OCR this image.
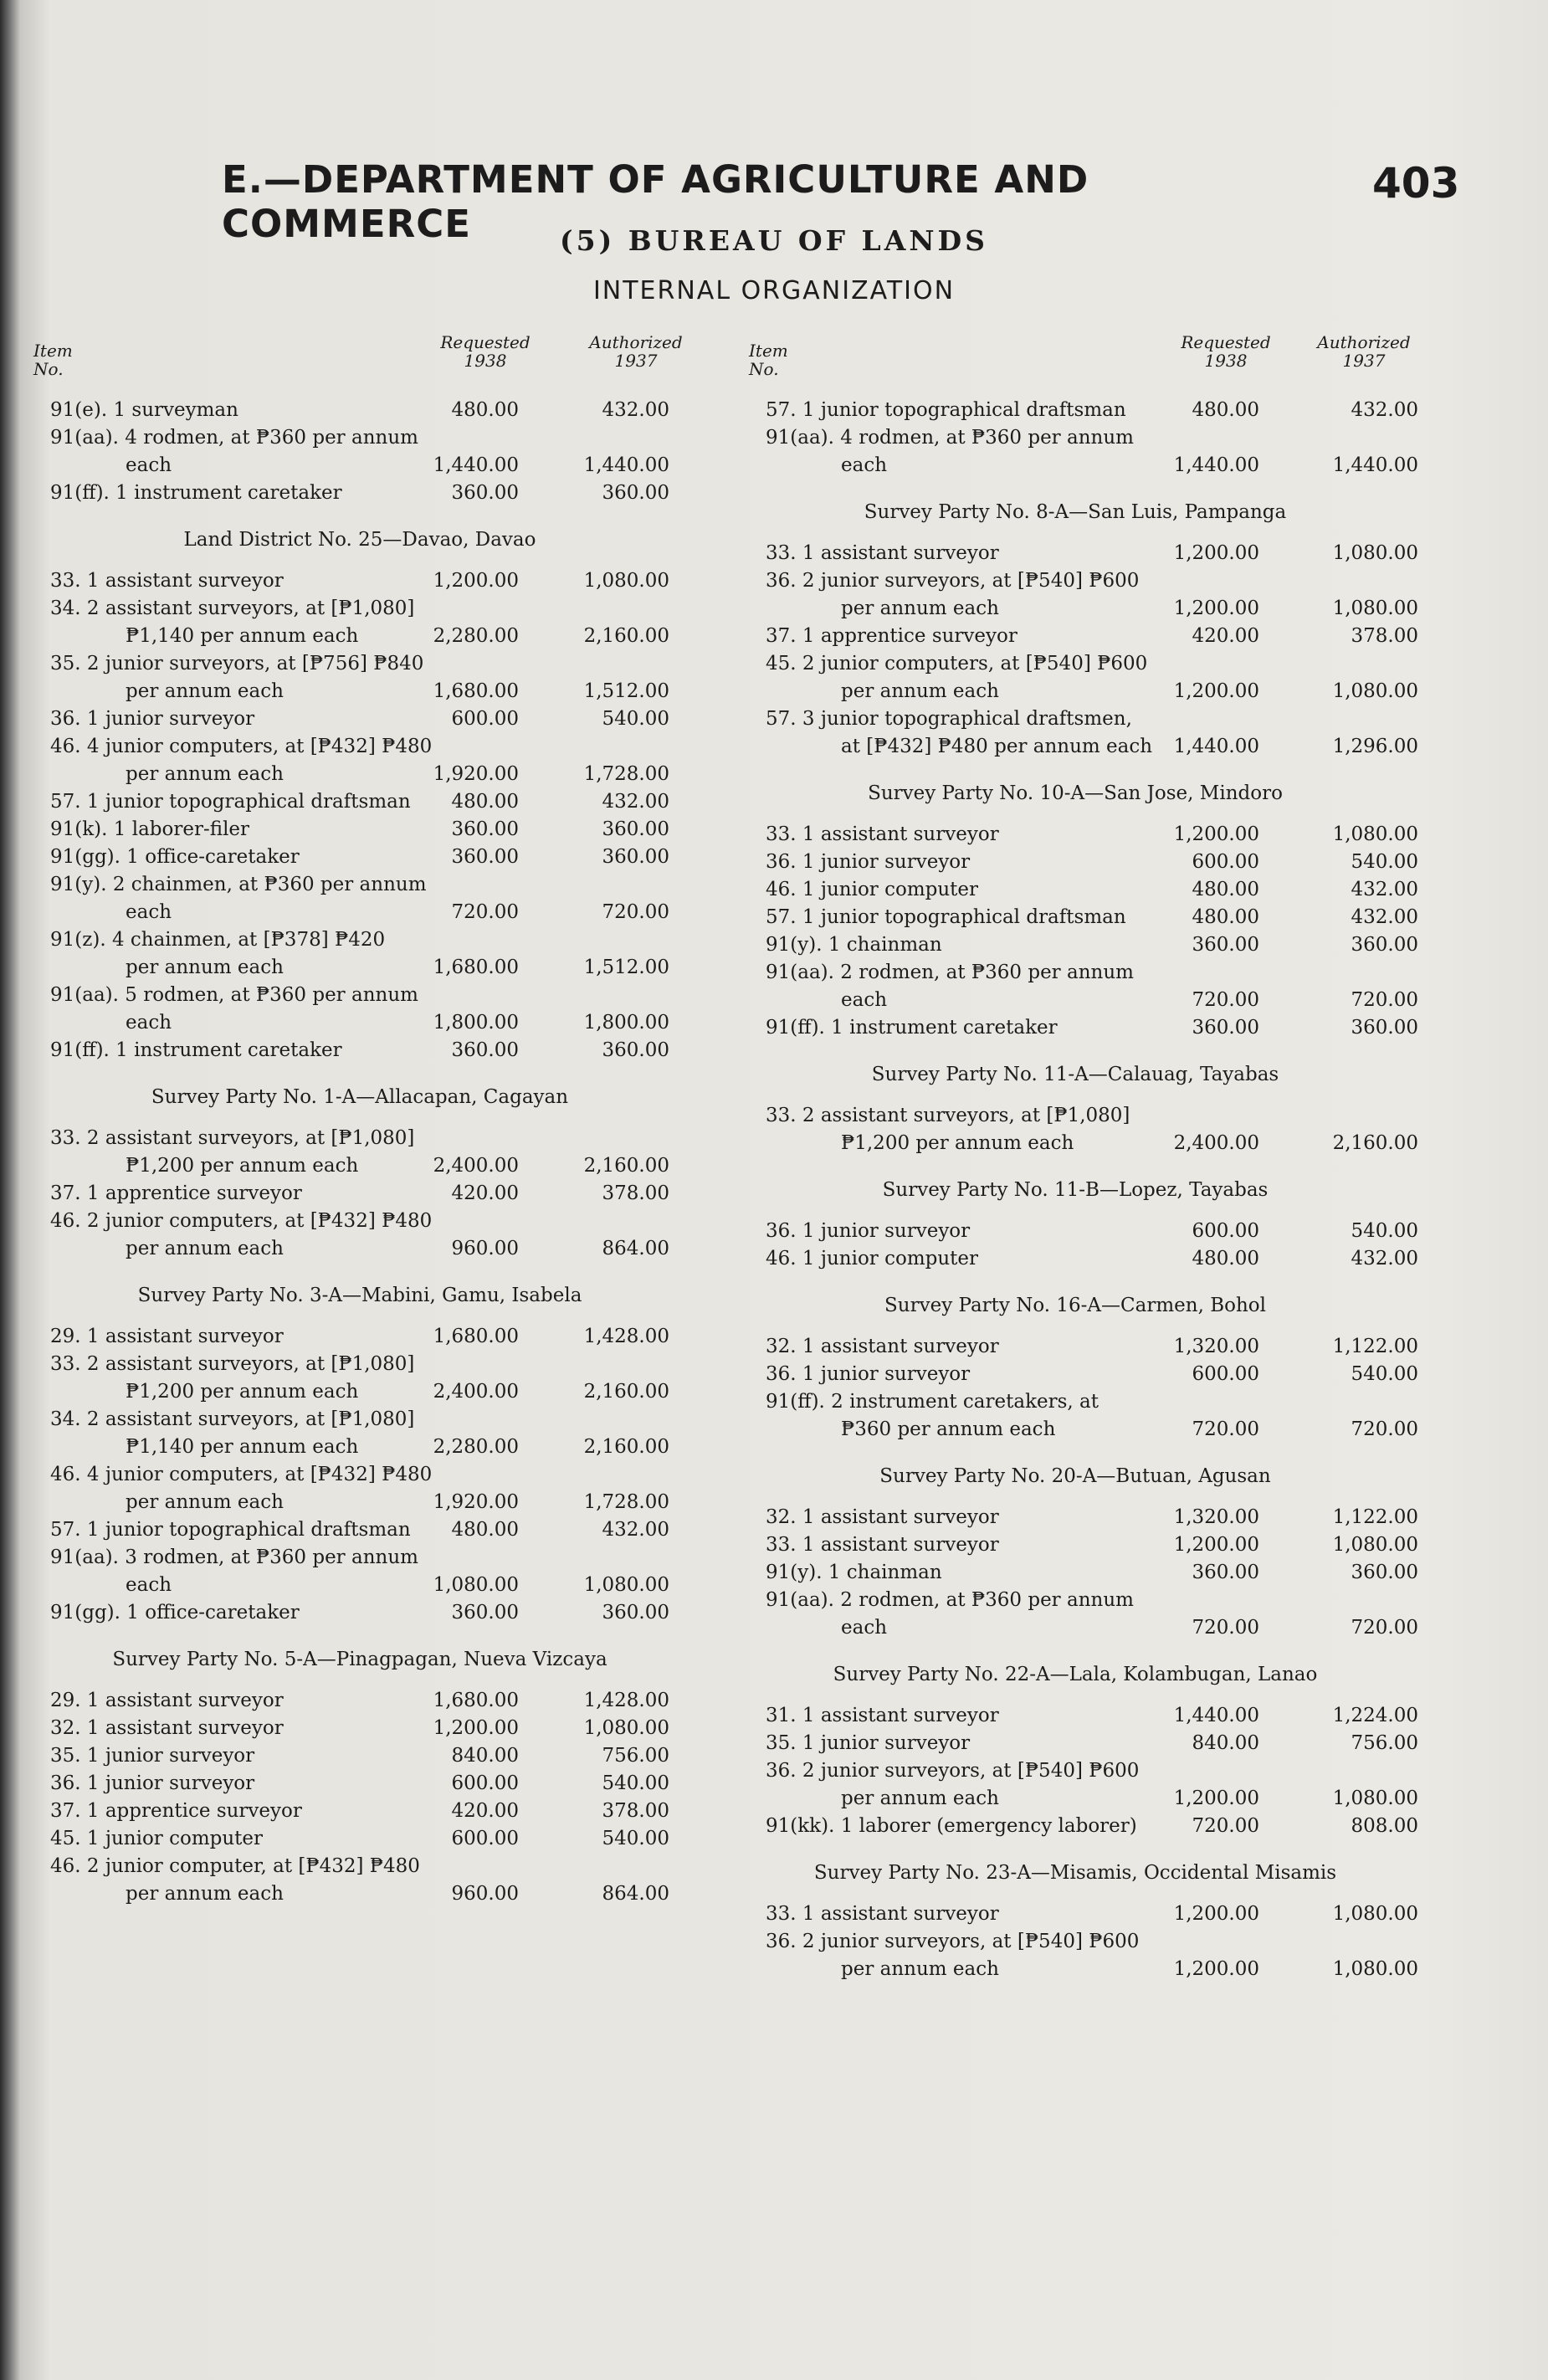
E.—DEPARTMENT OF AGRICULTURE AND COMMERCE
403
(5) BUREAU OF LANDS
INTERNAL ORGANIZATION
Item
No.
Requested
1938
Authorized
1937
91(e). 1 surveyman	480.00	432.00
91(aa). 4 rodmen, at ₱360 per annum
each	1,440.00	1,440.00
91(ff). 1 instrument caretaker	360.00	360.00
Land District No. 25—Davao, Davao
33. 1 assistant surveyor	1,200.00	1,080.00
34. 2 assistant surveyors, at [₱1,080]
₱1,140 per annum each	2,280.00	2,160.00
35. 2 junior surveyors, at [₱756] ₱840
per annum each	1,680.00	1,512.00
36. 1 junior surveyor	600.00	540.00
46. 4 junior computers, at [₱432] ₱480
per annum each	1,920.00	1,728.00
57. 1 junior topographical draftsman	480.00	432.00
91(k). 1 laborer-filer	360.00	360.00
91(gg). 1 office-caretaker	360.00	360.00
91(y). 2 chainmen, at ₱360 per annum
each	720.00	720.00
91(z). 4 chainmen, at [₱378] ₱420
per annum each	1,680.00	1,512.00
91(aa). 5 rodmen, at ₱360 per annum
each	1,800.00	1,800.00
91(ff). 1 instrument caretaker	360.00	360.00
Survey Party No. 1-A—Allacapan, Cagayan
33. 2 assistant surveyors, at [₱1,080]
₱1,200 per annum each	2,400.00	2,160.00
37. 1 apprentice surveyor	420.00	378.00
46. 2 junior computers, at [₱432] ₱480
per annum each	960.00	864.00
Survey Party No. 3-A—Mabini, Gamu, Isabela
29. 1 assistant surveyor	1,680.00	1,428.00
33. 2 assistant surveyors, at [₱1,080]
₱1,200 per annum each	2,400.00	2,160.00
34. 2 assistant surveyors, at [₱1,080]
₱1,140 per annum each	2,280.00	2,160.00
46. 4 junior computers, at [₱432] ₱480
per annum each	1,920.00	1,728.00
57. 1 junior topographical draftsman	480.00	432.00
91(aa). 3 rodmen, at ₱360 per annum
each	1,080.00	1,080.00
91(gg). 1 office-caretaker	360.00	360.00
Survey Party No. 5-A—Pinagpagan, Nueva Vizcaya
29. 1 assistant surveyor	1,680.00	1,428.00
32. 1 assistant surveyor	1,200.00	1,080.00
35. 1 junior surveyor	840.00	756.00
36. 1 junior surveyor	600.00	540.00
37. 1 apprentice surveyor	420.00	378.00
45. 1 junior computer	600.00	540.00
46. 2 junior computer, at [₱432] ₱480
per annum each	960.00	864.00
Item
No.
Requested
1938
Authorized
1937
57. 1 junior topographical draftsman	480.00	432.00
91(aa). 4 rodmen, at ₱360 per annum
each	1,440.00	1,440.00
Survey Party No. 8-A—San Luis, Pampanga
33. 1 assistant surveyor	1,200.00	1,080.00
36. 2 junior surveyors, at [₱540] ₱600
per annum each	1,200.00	1,080.00
37. 1 apprentice surveyor	420.00	378.00
45. 2 junior computers, at [₱540] ₱600
per annum each	1,200.00	1,080.00
57. 3 junior topographical draftsmen,
at [₱432] ₱480 per annum each	1,440.00	1,296.00
Survey Party No. 10-A—San Jose, Mindoro
33. 1 assistant surveyor	1,200.00	1,080.00
36. 1 junior surveyor	600.00	540.00
46. 1 junior computer	480.00	432.00
57. 1 junior topographical draftsman	480.00	432.00
91(y). 1 chainman	360.00	360.00
91(aa). 2 rodmen, at ₱360 per annum
each	720.00	720.00
91(ff). 1 instrument caretaker	360.00	360.00
Survey Party No. 11-A—Calauag, Tayabas
33. 2 assistant surveyors, at [₱1,080]
₱1,200 per annum each	2,400.00	2,160.00
Survey Party No. 11-B—Lopez, Tayabas
36. 1 junior surveyor	600.00	540.00
46. 1 junior computer	480.00	432.00
Survey Party No. 16-A—Carmen, Bohol
32. 1 assistant surveyor	1,320.00	1,122.00
36. 1 junior surveyor	600.00	540.00
91(ff). 2 instrument caretakers, at
₱360 per annum each	720.00	720.00
Survey Party No. 20-A—Butuan, Agusan
32. 1 assistant surveyor	1,320.00	1,122.00
33. 1 assistant surveyor	1,200.00	1,080.00
91(y). 1 chainman	360.00	360.00
91(aa). 2 rodmen, at ₱360 per annum
each	720.00	720.00
Survey Party No. 22-A—Lala, Kolambugan, Lanao
31. 1 assistant surveyor	1,440.00	1,224.00
35. 1 junior surveyor	840.00	756.00
36. 2 junior surveyors, at [₱540] ₱600
per annum each	1,200.00	1,080.00
91(kk). 1 laborer (emergency laborer)	720.00	808.00
Survey Party No. 23-A—Misamis, Occidental Misamis
33. 1 assistant surveyor	1,200.00	1,080.00
36. 2 junior surveyors, at [₱540] ₱600
per annum each	1,200.00	1,080.00
